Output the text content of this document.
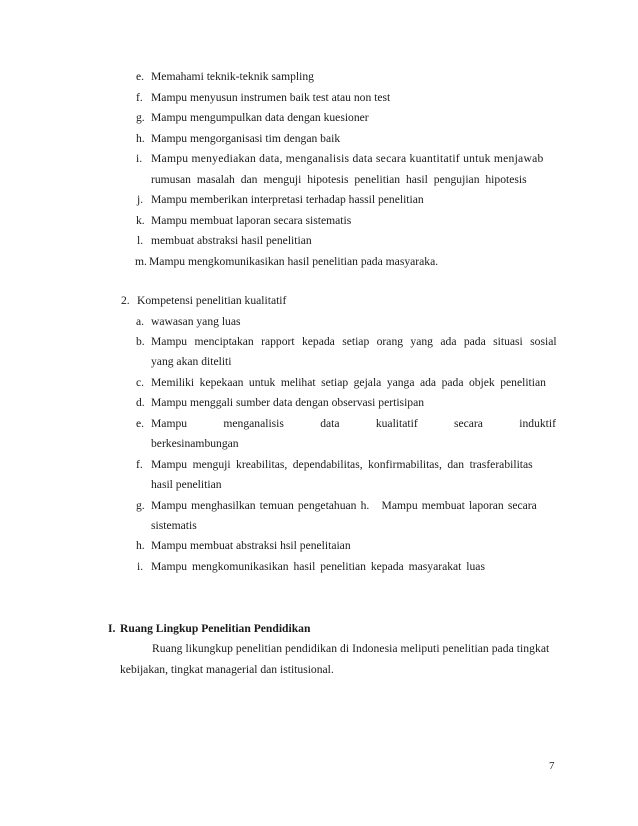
e. Memahami teknik-teknik sampling
f. Mampu menyusun instrumen baik test atau non test
g. Mampu mengumpulkan data dengan kuesioner
h. Mampu mengorganisasi tim dengan baik
i. Mampu menyediakan data, menganalisis data secara kuantitatif untuk menjawab
rumusan masalah dan menguji hipotesis penelitian hasil pengujian hipotesis
j. Mampu memberikan interpretasi terhadap hassil penelitian
k. Mampu membuat laporan secara sistematis
l. membuat abstraksi hasil penelitian
m. Mampu mengkomunikasikan hasil penelitian pada masyaraka.
2. Kompetensi penelitian kualitatif
a. wawasan yang luas
b. Mampu menciptakan rapport kepada setiap orang yang ada pada situasi sosial
yang akan diteliti
c. Memiliki kepekaan untuk melihat setiap gejala yanga ada pada objek penelitian
d. Mampu menggali sumber data dengan observasi pertisipan
e. Mampu	menganalisis	data	kualitatif	secara	induktif
berkesinambungan
f. Mampu menguji kreabilitas, dependabilitas, konfirmabilitas, dan trasferabilitas
hasil penelitian
g. Mampu menghasilkan temuan pengetahuan h.   Mampu membuat laporan secara
sistematis
h. Mampu membuat abstraksi hsil penelitaian
i. Mampu mengkomunikasikan hasil penelitian kepada masyarakat luas
I. Ruang Lingkup Penelitian Pendidikan
Ruang likungkup penelitian pendidikan di Indonesia meliputi penelitian pada tingkat
kebijakan, tingkat managerial dan istitusional.
7
